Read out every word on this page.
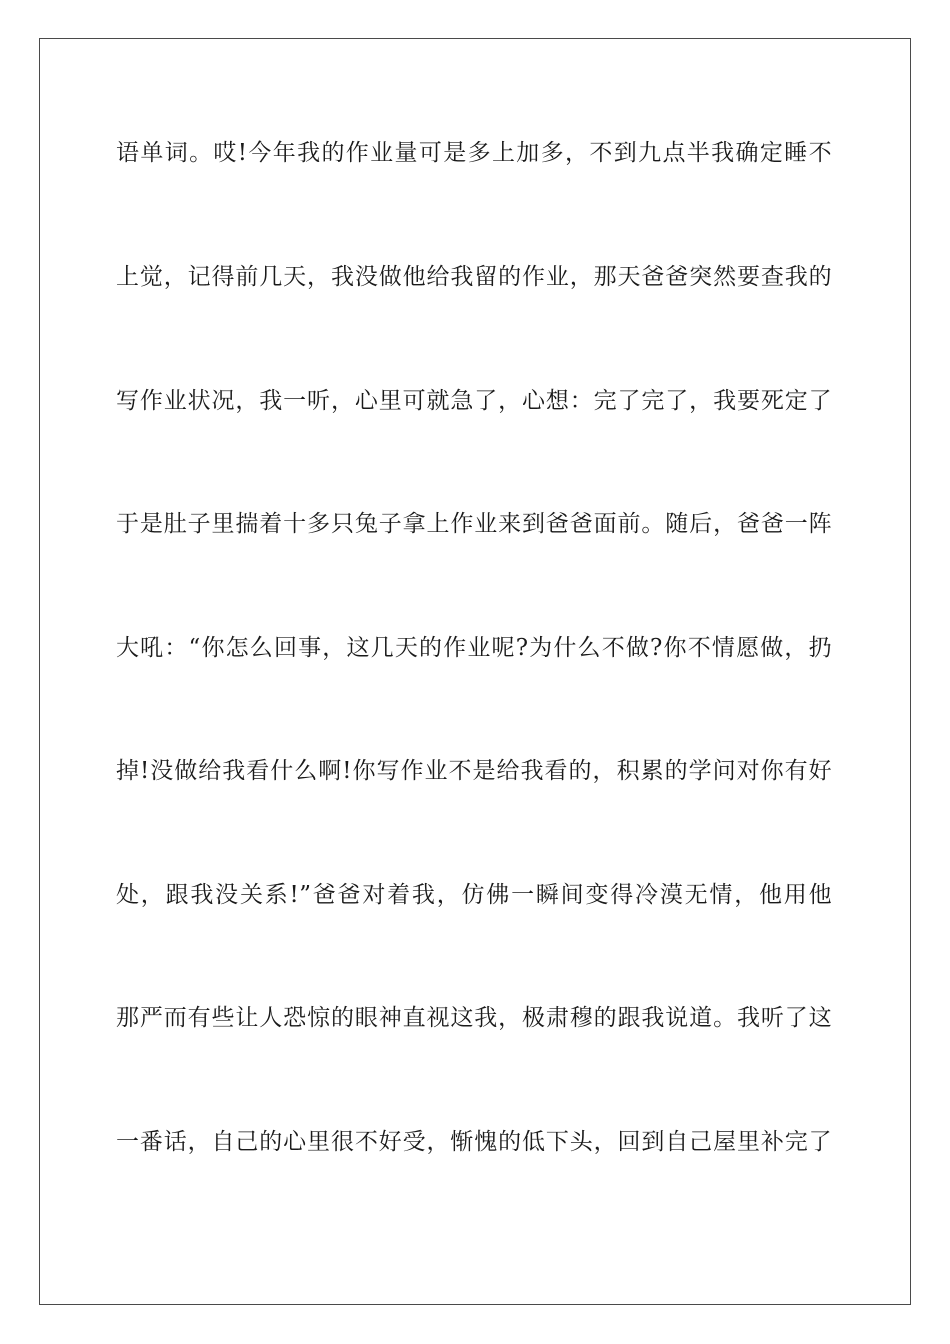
语单词。哎!今年我的作业量可是多上加多，不到九点半我确定睡不
上觉，记得前几天，我没做他给我留的作业，那天爸爸突然要查我的
写作业状况，我一听，心里可就急了，心想：完了完了，我要死定了
于是肚子里揣着十多只兔子拿上作业来到爸爸面前。随后，爸爸一阵
大吼：“你怎么回事，这几天的作业呢?为什么不做?你不情愿做，扔
掉!没做给我看什么啊!你写作业不是给我看的，积累的学问对你有好
处，跟我没关系!”爸爸对着我，仿佛一瞬间变得冷漠无情，他用他
那严而有些让人恐惊的眼神直视这我，极肃穆的跟我说道。我听了这
一番话，自己的心里很不好受，惭愧的低下头，回到自己屋里补完了
